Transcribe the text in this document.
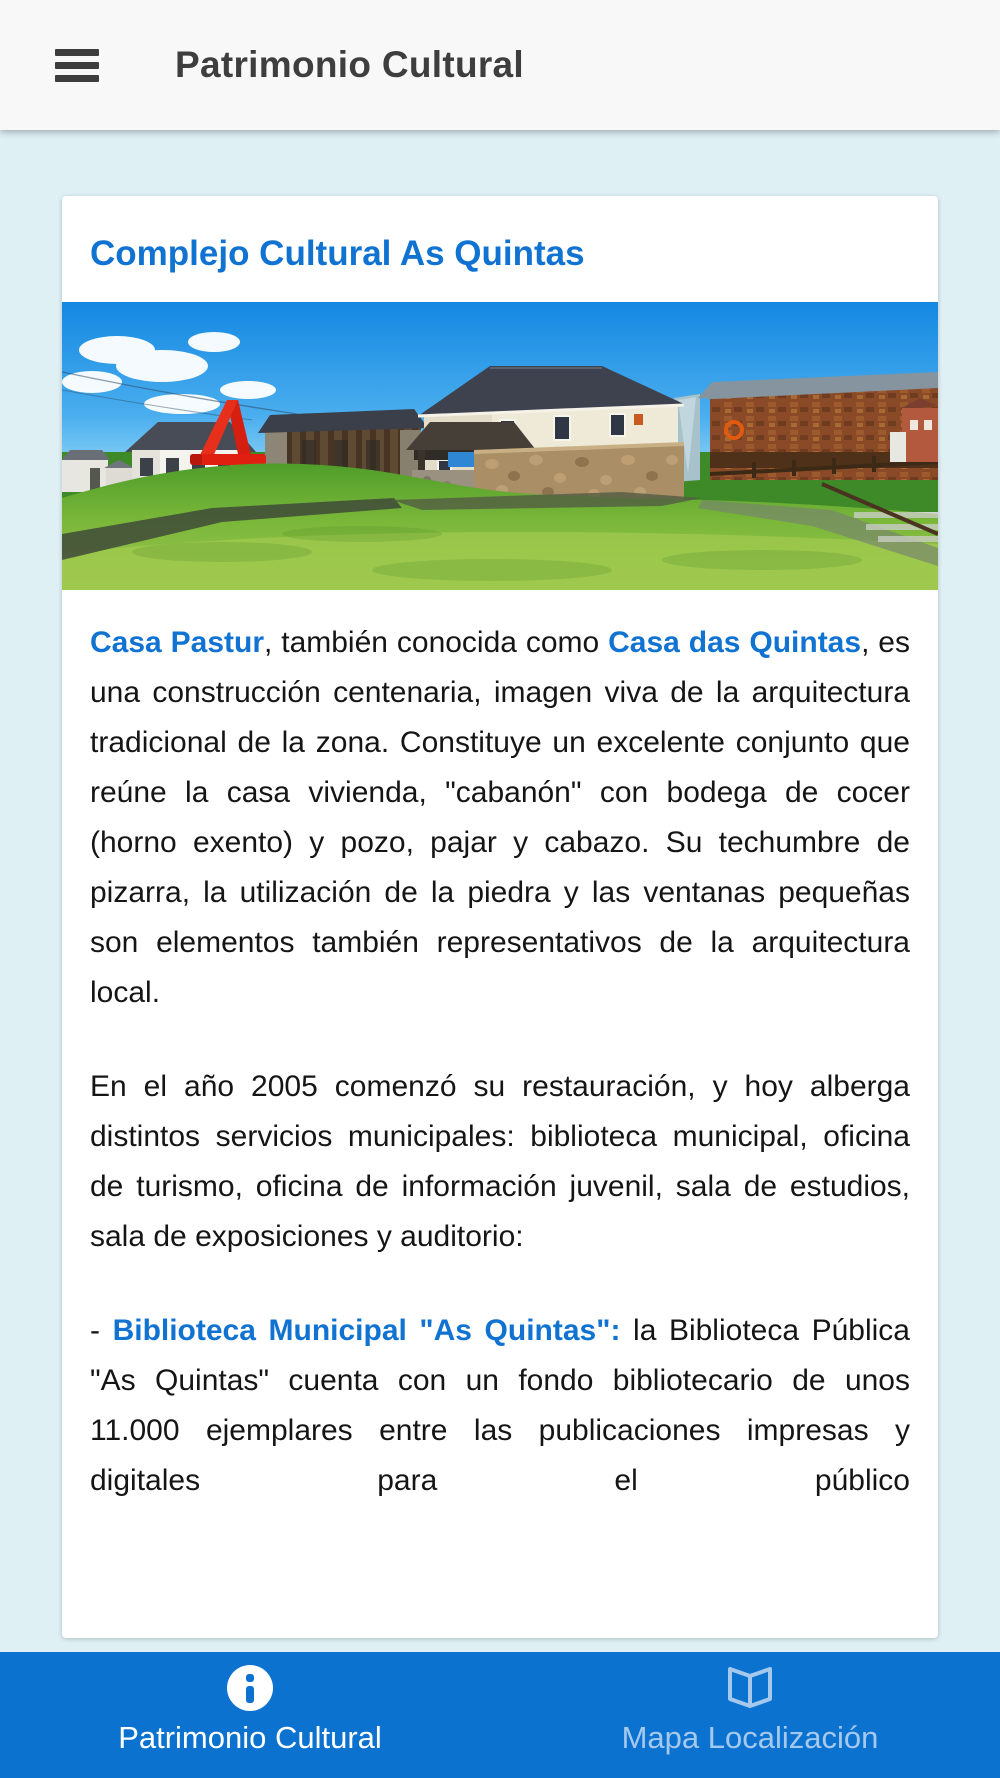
Patrimonio Cultural
Complejo Cultural As Quintas

Casa Pastur, también conocida como Casa das Quintas, es una construcción centenaria, imagen viva de la arquitectura tradicional de la zona. Constituye un excelente conjunto que reúne la casa vivienda, "cabanón" con bodega de cocer (horno exento) y pozo, pajar y cabazo. Su techumbre de pizarra, la utilización de la piedra y las ventanas pequeñas son elementos también representativos de la arquitectura local.

En el año 2005 comenzó su restauración, y hoy alberga distintos servicios municipales: biblioteca municipal, oficina de turismo, oficina de información juvenil, sala de estudios, sala de exposiciones y auditorio:

- Biblioteca Municipal "As Quintas": la Biblioteca Pública "As Quintas" cuenta con un fondo bibliotecario de unos 11.000 ejemplares entre las publicaciones impresas y digitales para el público

Patrimonio Cultural	Mapa Localización
